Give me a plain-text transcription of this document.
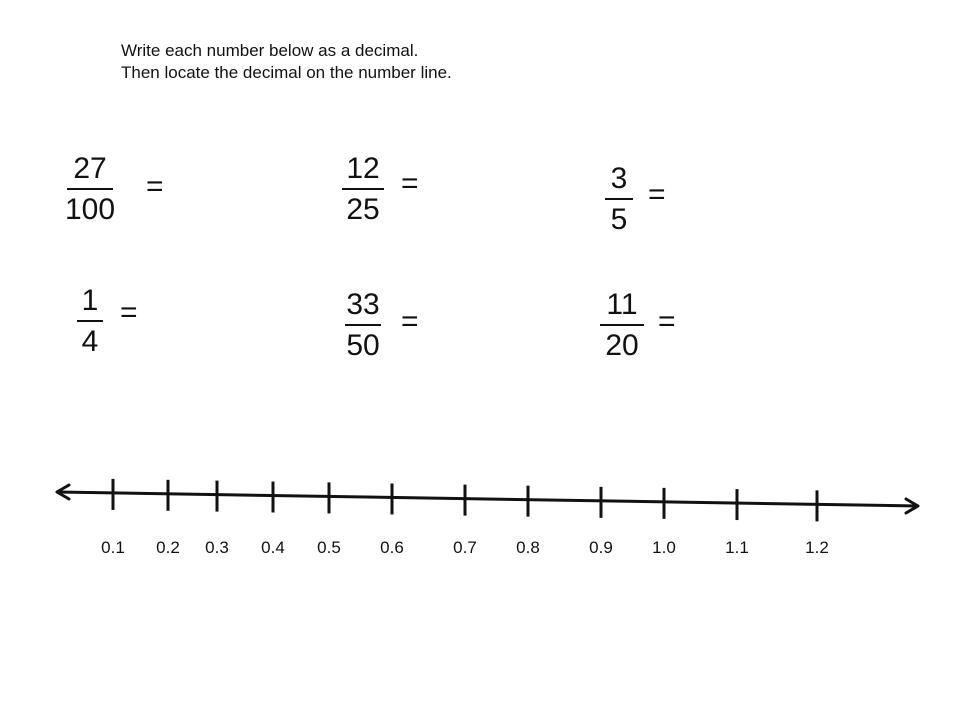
Write each number below as a decimal.
Then locate the decimal on the number line.
27
100
=
12
25
=	3
5
=
1
4
=	33
50
=
11
20
=
0.1	0.2	0.3	0.4	0.5	0.6	0.7	0.8	0.9	1.0	1.1	1.2
